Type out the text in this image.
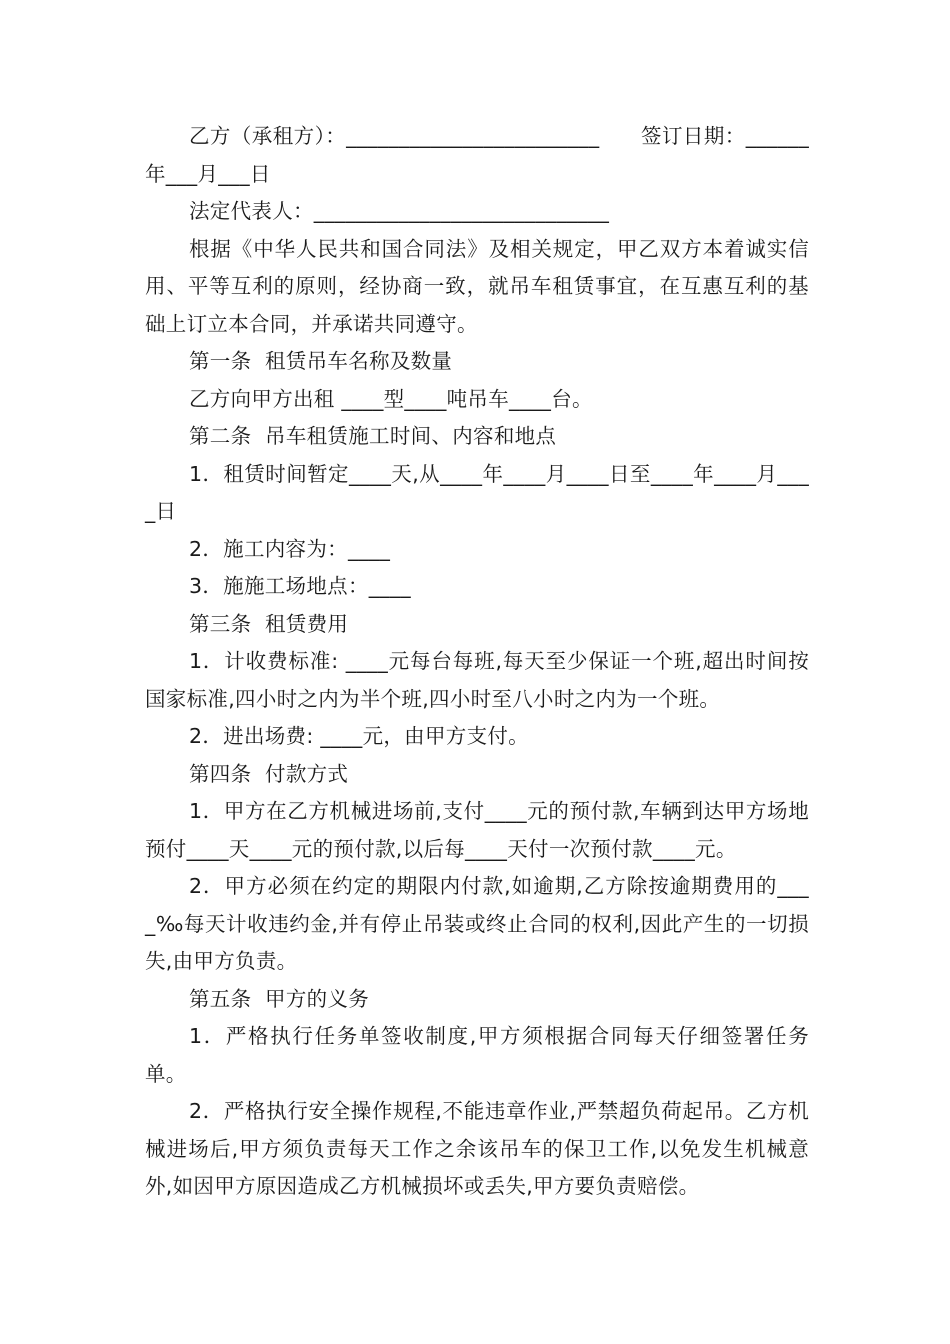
乙方（承租方）：________________________      签订日期：______年___月___日

法定代表人：____________________________

根据《中华人民共和国合同法》及相关规定，甲乙双方本着诚实信用、平等互利的原则，经协商一致，就吊车租赁事宜，在互惠互利的基础上订立本合同，并承诺共同遵守。

第一条  租赁吊车名称及数量

乙方向甲方出租 ____型____吨吊车____台。

第二条  吊车租赁施工时间、内容和地点

1．租赁时间暂定____天,从____年____月____日至____年____月____日

2．施工内容为：____

3．施施工场地点：____

第三条  租赁费用

1．计收费标准: ____元每台每班,每天至少保证一个班,超出时间按国家标准,四小时之内为半个班,四小时至八小时之内为一个班。

2．进出场费: ____元，由甲方支付。

第四条  付款方式

1．甲方在乙方机械进场前,支付____元的预付款,车辆到达甲方场地预付____天____元的预付款,以后每____天付一次预付款____元。

2．甲方必须在约定的期限内付款,如逾期,乙方除按逾期费用的____‰每天计收违约金,并有停止吊装或终止合同的权利,因此产生的一切损失,由甲方负责。

第五条  甲方的义务

1．严格执行任务单签收制度,甲方须根据合同每天仔细签署任务单。

2．严格执行安全操作规程,不能违章作业,严禁超负荷起吊。乙方机械进场后,甲方须负责每天工作之余该吊车的保卫工作,以免发生机械意外,如因甲方原因造成乙方机械损坏或丢失,甲方要负责赔偿。
